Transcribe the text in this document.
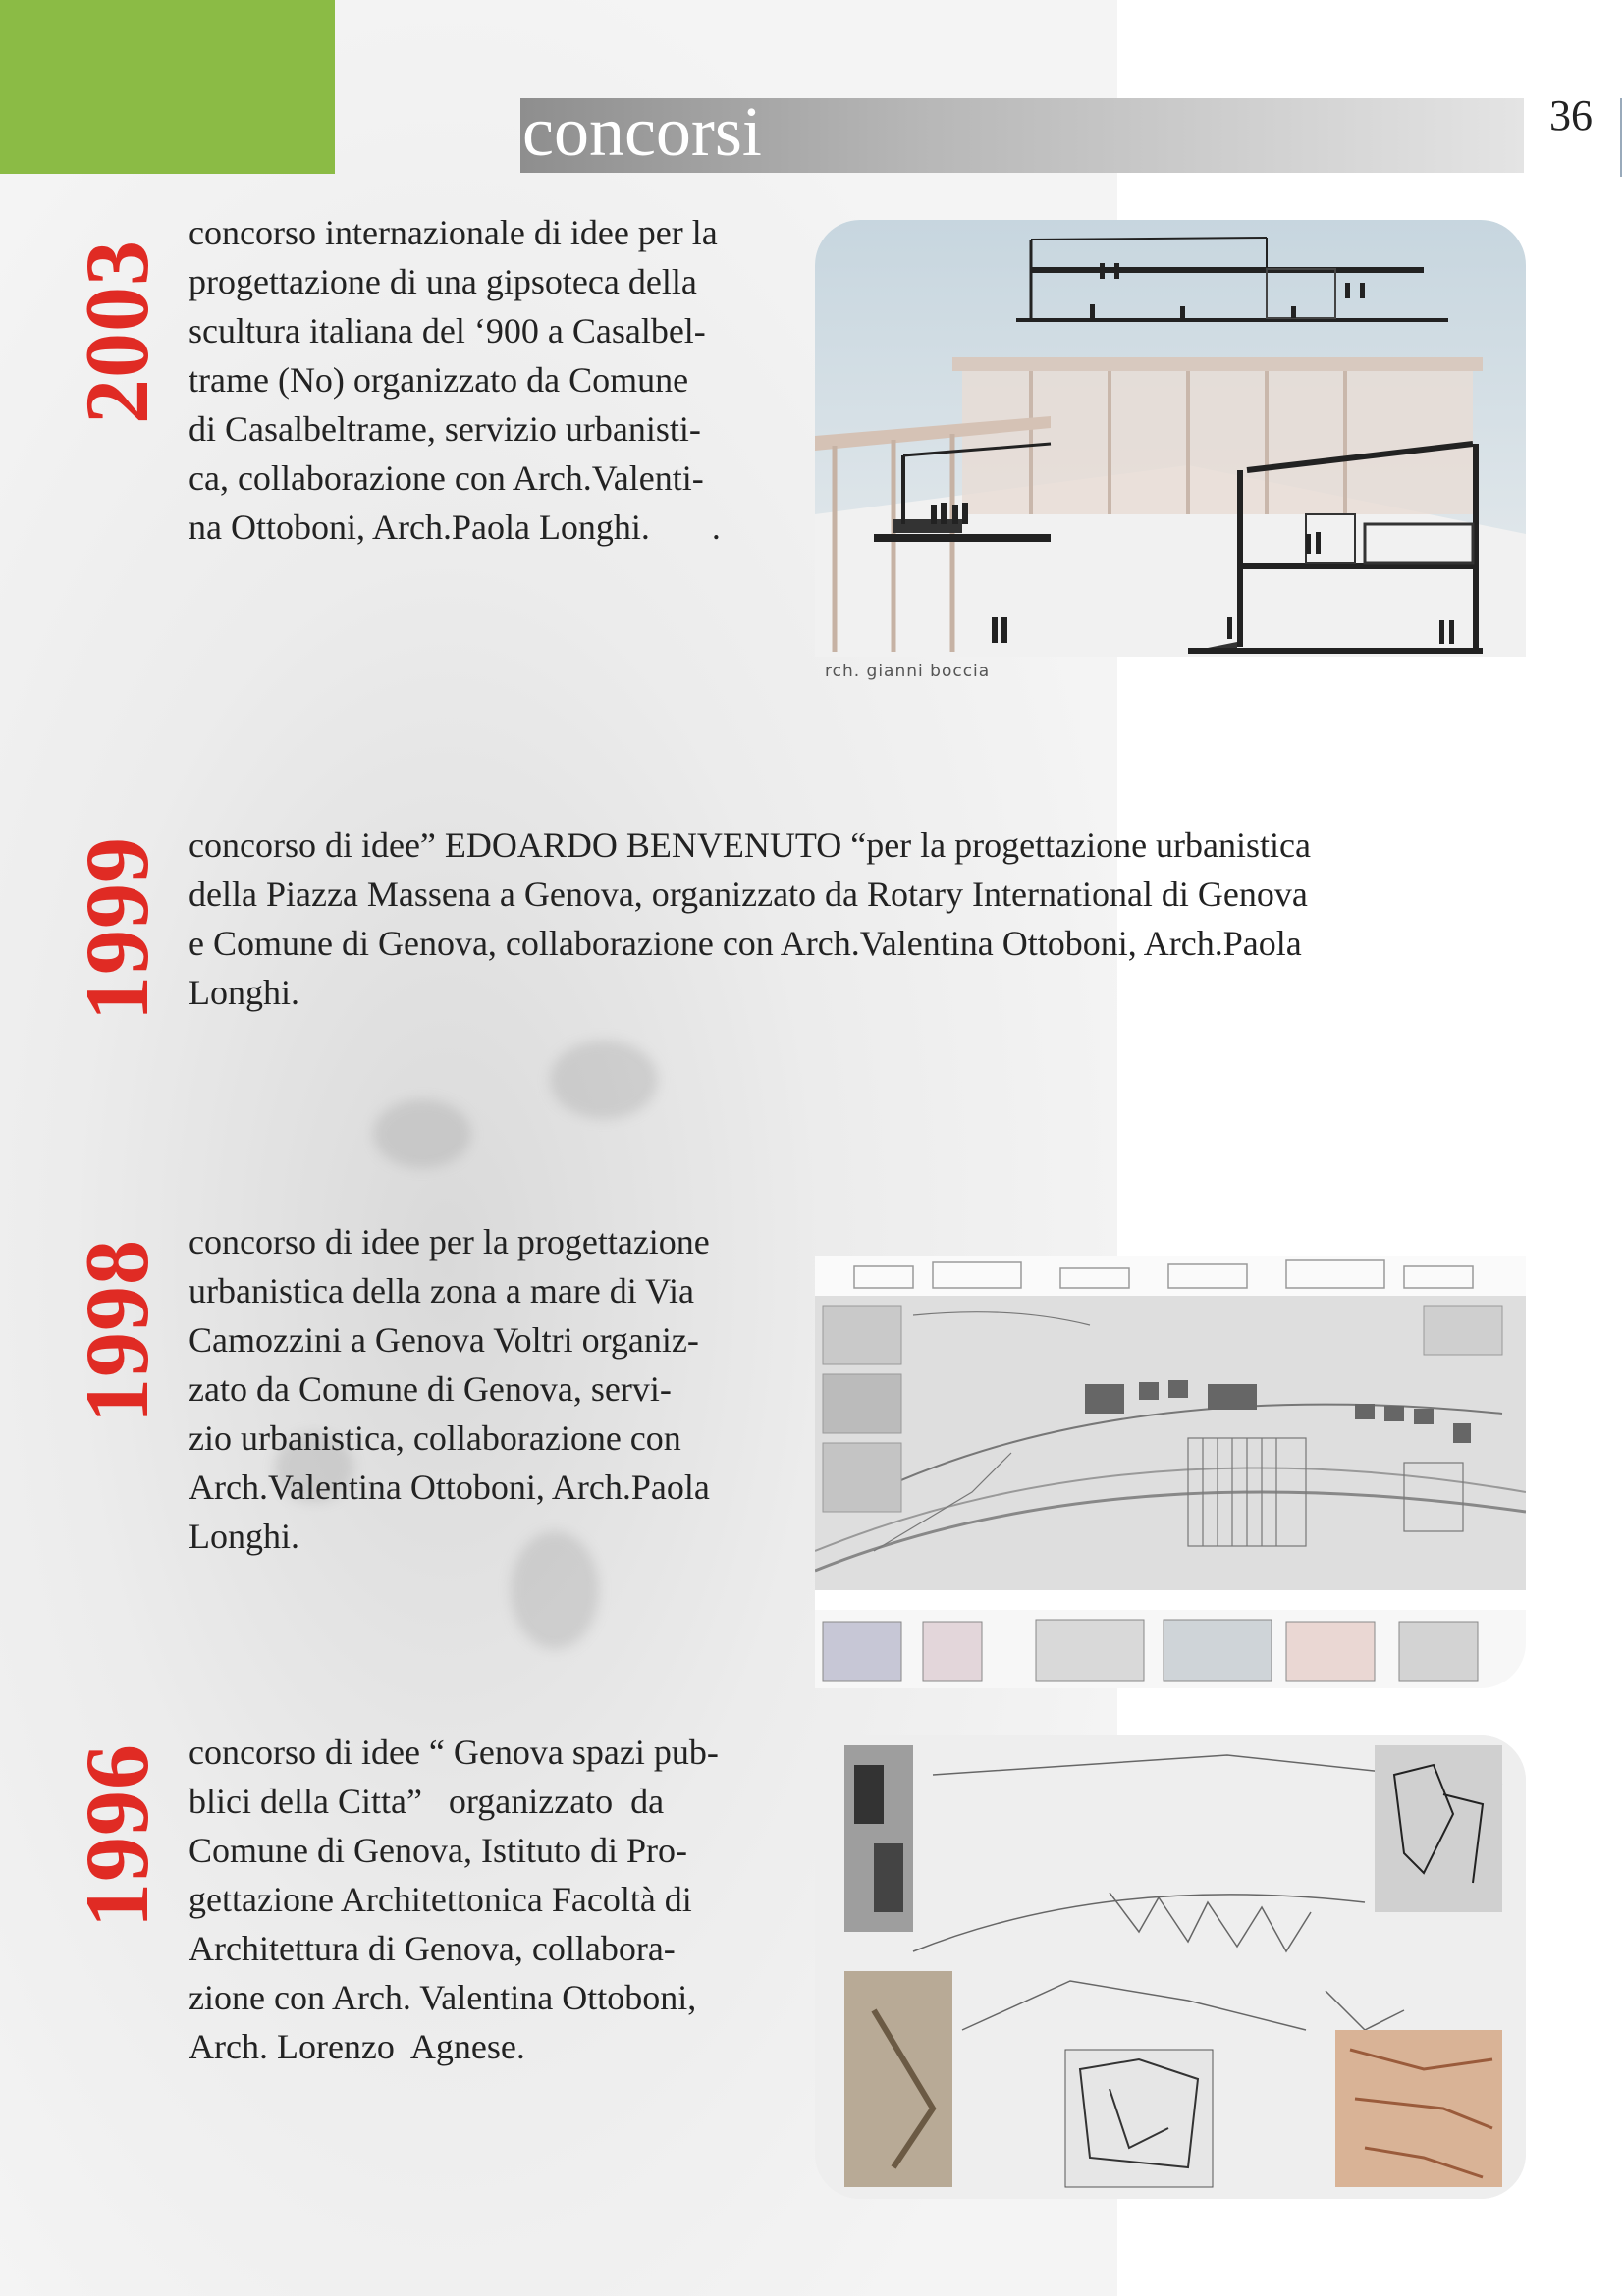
concorsi	36
2003
concorso internazionale di idee per la
progettazione di una gipsoteca della
scultura italiana del ‘900 a Casalbel-
trame (No) organizzato da Comune
di Casalbeltrame, servizio urbanisti-
ca, collaborazione con Arch.Valenti-
na Ottoboni, Arch.Paola Longhi.       .
rch. gianni boccia
1999 concorso di idee” EDOARDO BENVENUTO “per la progettazione urbanistica
della Piazza Massena a Genova, organizzato da Rotary International di Genova
e Comune di Genova, collaborazione con Arch.Valentina Ottoboni, Arch.Paola
Longhi.
1998 concorso di idee per la progettazione
urbanistica della zona a mare di Via
Camozzini a Genova Voltri organiz-
zato da Comune di Genova, servi-
zio urbanistica, collaborazione con
Arch.Valentina Ottoboni, Arch.Paola
Longhi.
1996 concorso di idee “ Genova spazi pub-
blici della Citta”   organizzato  da
Comune di Genova, Istituto di Pro-
gettazione Architettonica Facoltà di
Architettura di Genova, collabora-
zione con Arch. Valentina Ottoboni,
Arch. Lorenzo  Agnese.
